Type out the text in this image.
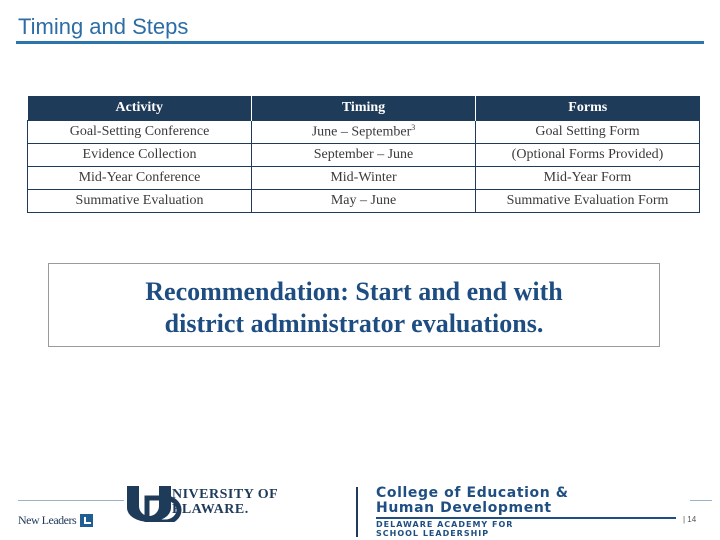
Timing and Steps
Activity	Timing	Forms
Goal-Setting Conference	June – September$^3$	Goal Setting Form
Evidence Collection	September – June	(Optional Forms Provided)
Mid-Year Conference	Mid-Winter	Mid-Year Form
Summative Evaluation	May – June	Summative Evaluation Form
Recommendation: Start and end with
district administrator evaluations.
New Leaders
NIVERSITY OF
ELAWARE.
College of Education &
Human Development
DELAWARE ACADEMY FOR
SCHOOL LEADERSHIP
| 14
